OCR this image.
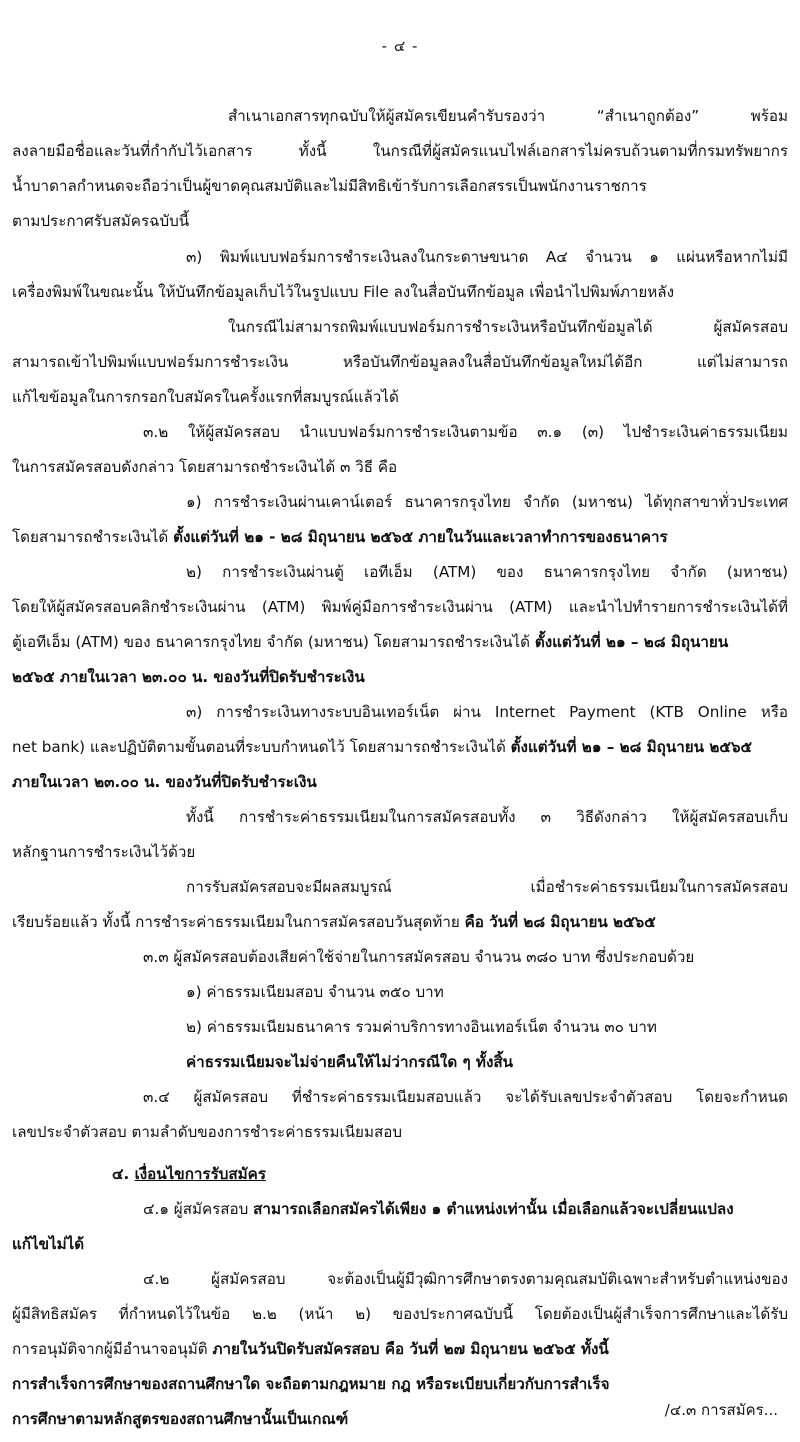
- ๔ -
สำเนาเอกสารทุกฉบับให้ผู้สมัครเขียนคำรับรองว่า “สำเนาถูกต้อง” พร้อม
ลงลายมือชื่อและวันที่กำกับไว้เอกสาร ทั้งนี้ ในกรณีที่ผู้สมัครแนบไฟล์เอกสารไม่ครบถ้วนตามที่กรมทรัพยากร
น้ำบาดาลกำหนดจะถือว่าเป็นผู้ขาดคุณสมบัติและไม่มีสิทธิเข้ารับการเลือกสรรเป็นพนักงานราชการ
ตามประกาศรับสมัครฉบับนี้
๓) พิมพ์แบบฟอร์มการชำระเงินลงในกระดาษขนาด A๔ จำนวน ๑ แผ่นหรือหากไม่มี
เครื่องพิมพ์ในขณะนั้น ให้บันทึกข้อมูลเก็บไว้ในรูปแบบ File ลงในสื่อบันทึกข้อมูล เพื่อนำไปพิมพ์ภายหลัง
ในกรณีไม่สามารถพิมพ์แบบฟอร์มการชำระเงินหรือบันทึกข้อมูลได้ ผู้สมัครสอบ
สามารถเข้าไปพิมพ์แบบฟอร์มการชำระเงิน หรือบันทึกข้อมูลลงในสื่อบันทึกข้อมูลใหม่ได้อีก แต่ไม่สามารถ
แก้ไขข้อมูลในการกรอกใบสมัครในครั้งแรกที่สมบูรณ์แล้วได้
๓.๒ ให้ผู้สมัครสอบ นำแบบฟอร์มการชำระเงินตามข้อ ๓.๑ (๓) ไปชำระเงินค่าธรรมเนียม
ในการสมัครสอบดังกล่าว โดยสามารถชำระเงินได้ ๓ วิธี คือ
๑) การชำระเงินผ่านเคาน์เตอร์ ธนาคารกรุงไทย จำกัด (มหาชน) ได้ทุกสาขาทั่วประเทศ
โดยสามารถชำระเงินได้ ตั้งแต่วันที่ ๒๑ - ๒๘ มิถุนายน ๒๕๖๕ ภายในวันและเวลาทำการของธนาคาร
๒) การชำระเงินผ่านตู้ เอทีเอ็ม (ATM) ของ ธนาคารกรุงไทย จำกัด (มหาชน)
โดยให้ผู้สมัครสอบคลิกชำระเงินผ่าน (ATM) พิมพ์คู่มือการชำระเงินผ่าน (ATM) และนำไปทำรายการชำระเงินได้ที่
ตู้เอทีเอ็ม (ATM) ของ ธนาคารกรุงไทย จำกัด (มหาชน) โดยสามารถชำระเงินได้ ตั้งแต่วันที่ ๒๑ – ๒๘ มิถุนายน
๒๕๖๕ ภายในเวลา ๒๓.๐๐ น. ของวันที่ปิดรับชำระเงิน
๓) การชำระเงินทางระบบอินเทอร์เน็ต ผ่าน Internet Payment (KTB Online หรือ
net bank) และปฏิบัติตามขั้นตอนที่ระบบกำหนดไว้ โดยสามารถชำระเงินได้ ตั้งแต่วันที่ ๒๑ – ๒๘ มิถุนายน ๒๕๖๕
ภายในเวลา ๒๓.๐๐ น. ของวันที่ปิดรับชำระเงิน
ทั้งนี้ การชำระค่าธรรมเนียมในการสมัครสอบทั้ง ๓ วิธีดังกล่าว ให้ผู้สมัครสอบเก็บ
หลักฐานการชำระเงินไว้ด้วย
การรับสมัครสอบจะมีผลสมบูรณ์ เมื่อชำระค่าธรรมเนียมในการสมัครสอบ
เรียบร้อยแล้ว ทั้งนี้ การชำระค่าธรรมเนียมในการสมัครสอบวันสุดท้าย คือ วันที่ ๒๘ มิถุนายน ๒๕๖๕
๓.๓ ผู้สมัครสอบต้องเสียค่าใช้จ่ายในการสมัครสอบ จำนวน ๓๘๐ บาท ซึ่งประกอบด้วย
๑) ค่าธรรมเนียมสอบ จำนวน ๓๕๐ บาท
๒) ค่าธรรมเนียมธนาคาร รวมค่าบริการทางอินเทอร์เน็ต จำนวน ๓๐ บาท
ค่าธรรมเนียมจะไม่จ่ายคืนให้ไม่ว่ากรณีใด ๆ ทั้งสิ้น
๓.๔ ผู้สมัครสอบ ที่ชำระค่าธรรมเนียมสอบแล้ว จะได้รับเลขประจำตัวสอบ โดยจะกำหนด
เลขประจำตัวสอบ ตามลำดับของการชำระค่าธรรมเนียมสอบ
๔. เงื่อนไขการรับสมัคร
๔.๑ ผู้สมัครสอบ สามารถเลือกสมัครได้เพียง ๑ ตำแหน่งเท่านั้น เมื่อเลือกแล้วจะเปลี่ยนแปลง
แก้ไขไม่ได้
๔.๒ ผู้สมัครสอบ จะต้องเป็นผู้มีวุฒิการศึกษาตรงตามคุณสมบัติเฉพาะสำหรับตำแหน่งของ
ผู้มีสิทธิสมัคร ที่กำหนดไว้ในข้อ ๒.๒ (หน้า ๒) ของประกาศฉบับนี้ โดยต้องเป็นผู้สำเร็จการศึกษาและได้รับ
การอนุมัติจากผู้มีอำนาจอนุมัติ ภายในวันปิดรับสมัครสอบ คือ วันที่ ๒๗ มิถุนายน ๒๕๖๕ ทั้งนี้
การสำเร็จการศึกษาของสถานศึกษาใด จะถือตามกฎหมาย กฎ หรือระเบียบเกี่ยวกับการสำเร็จ
การศึกษาตามหลักสูตรของสถานศึกษานั้นเป็นเกณฑ์	/๔.๓ การสมัคร...
